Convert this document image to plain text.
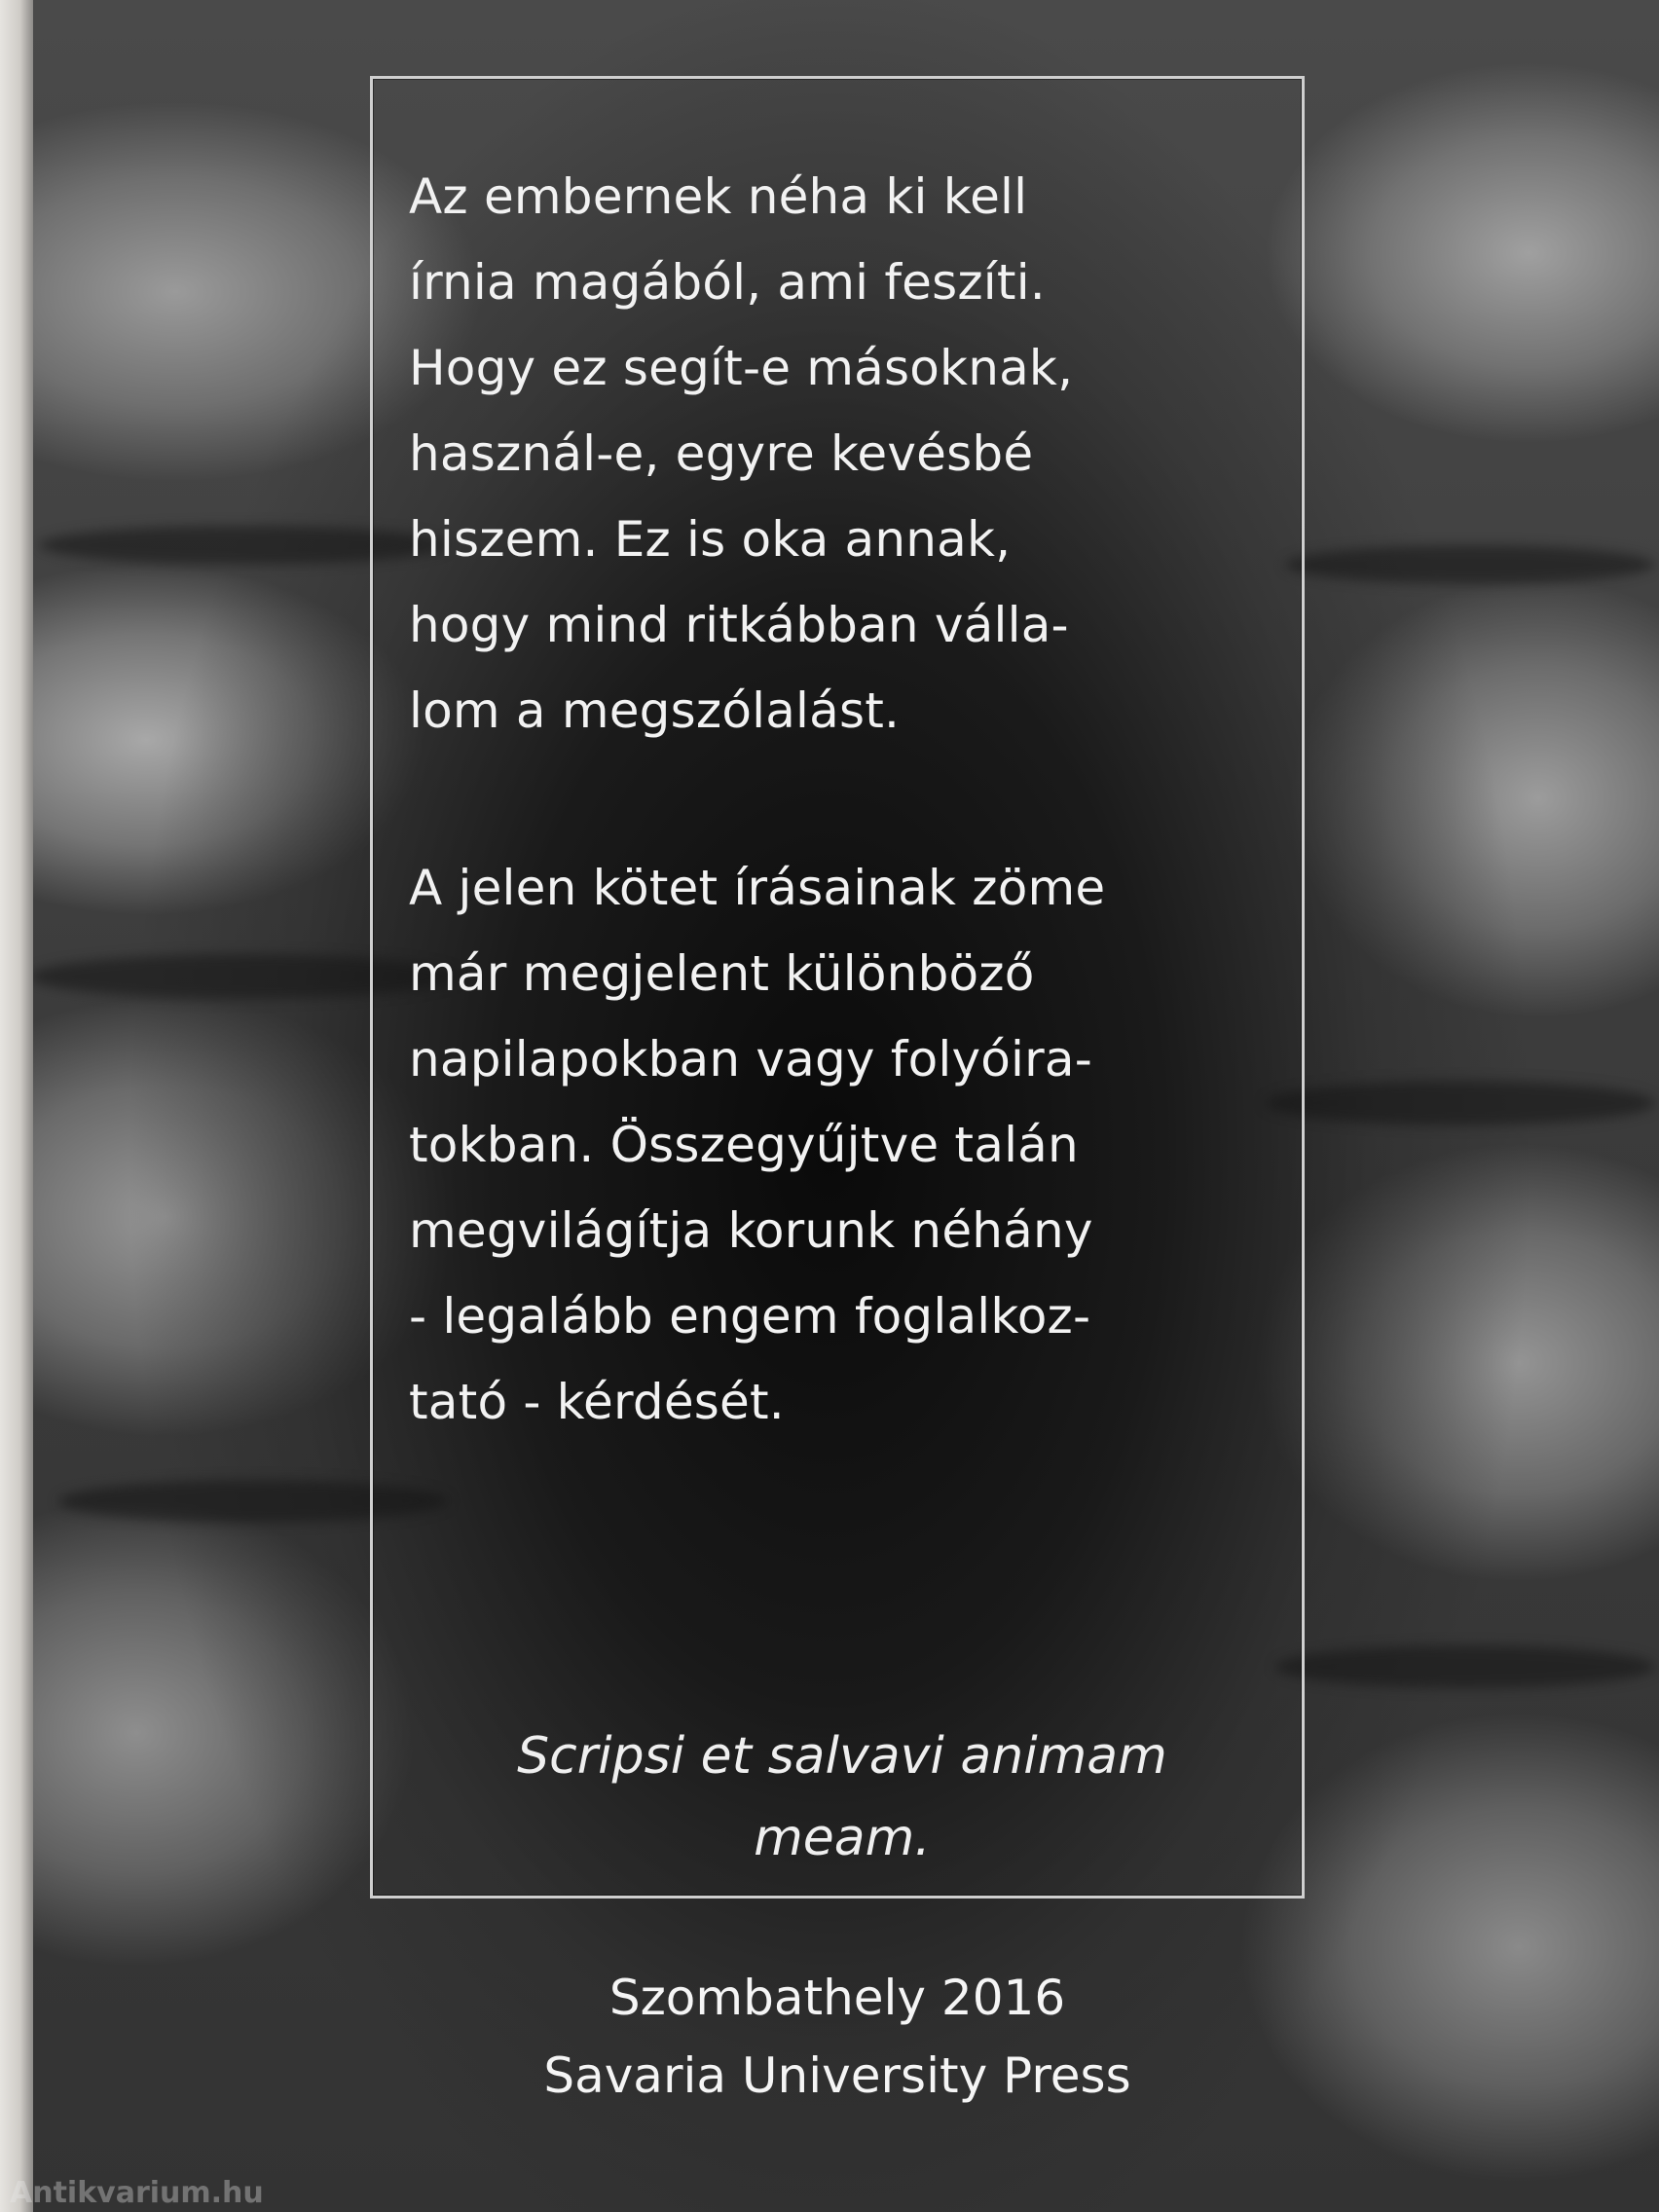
Az embernek néha ki kell
írnia magából, ami feszíti.
Hogy ez segít-e másoknak,
használ-e, egyre kevésbé
hiszem. Ez is oka annak,
hogy mind ritkábban válla-
lom a megszólalást.

A jelen kötet írásainak zöme
már megjelent különböző
napilapokban vagy folyóira-
tokban. Összegyűjtve talán
megvilágítja korunk néhány
- legalább engem foglalkoz-
tató - kérdését.

Scripsi et salvavi animam
meam.

Szombathely 2016
Savaria University Press
Antikvarium.hu
